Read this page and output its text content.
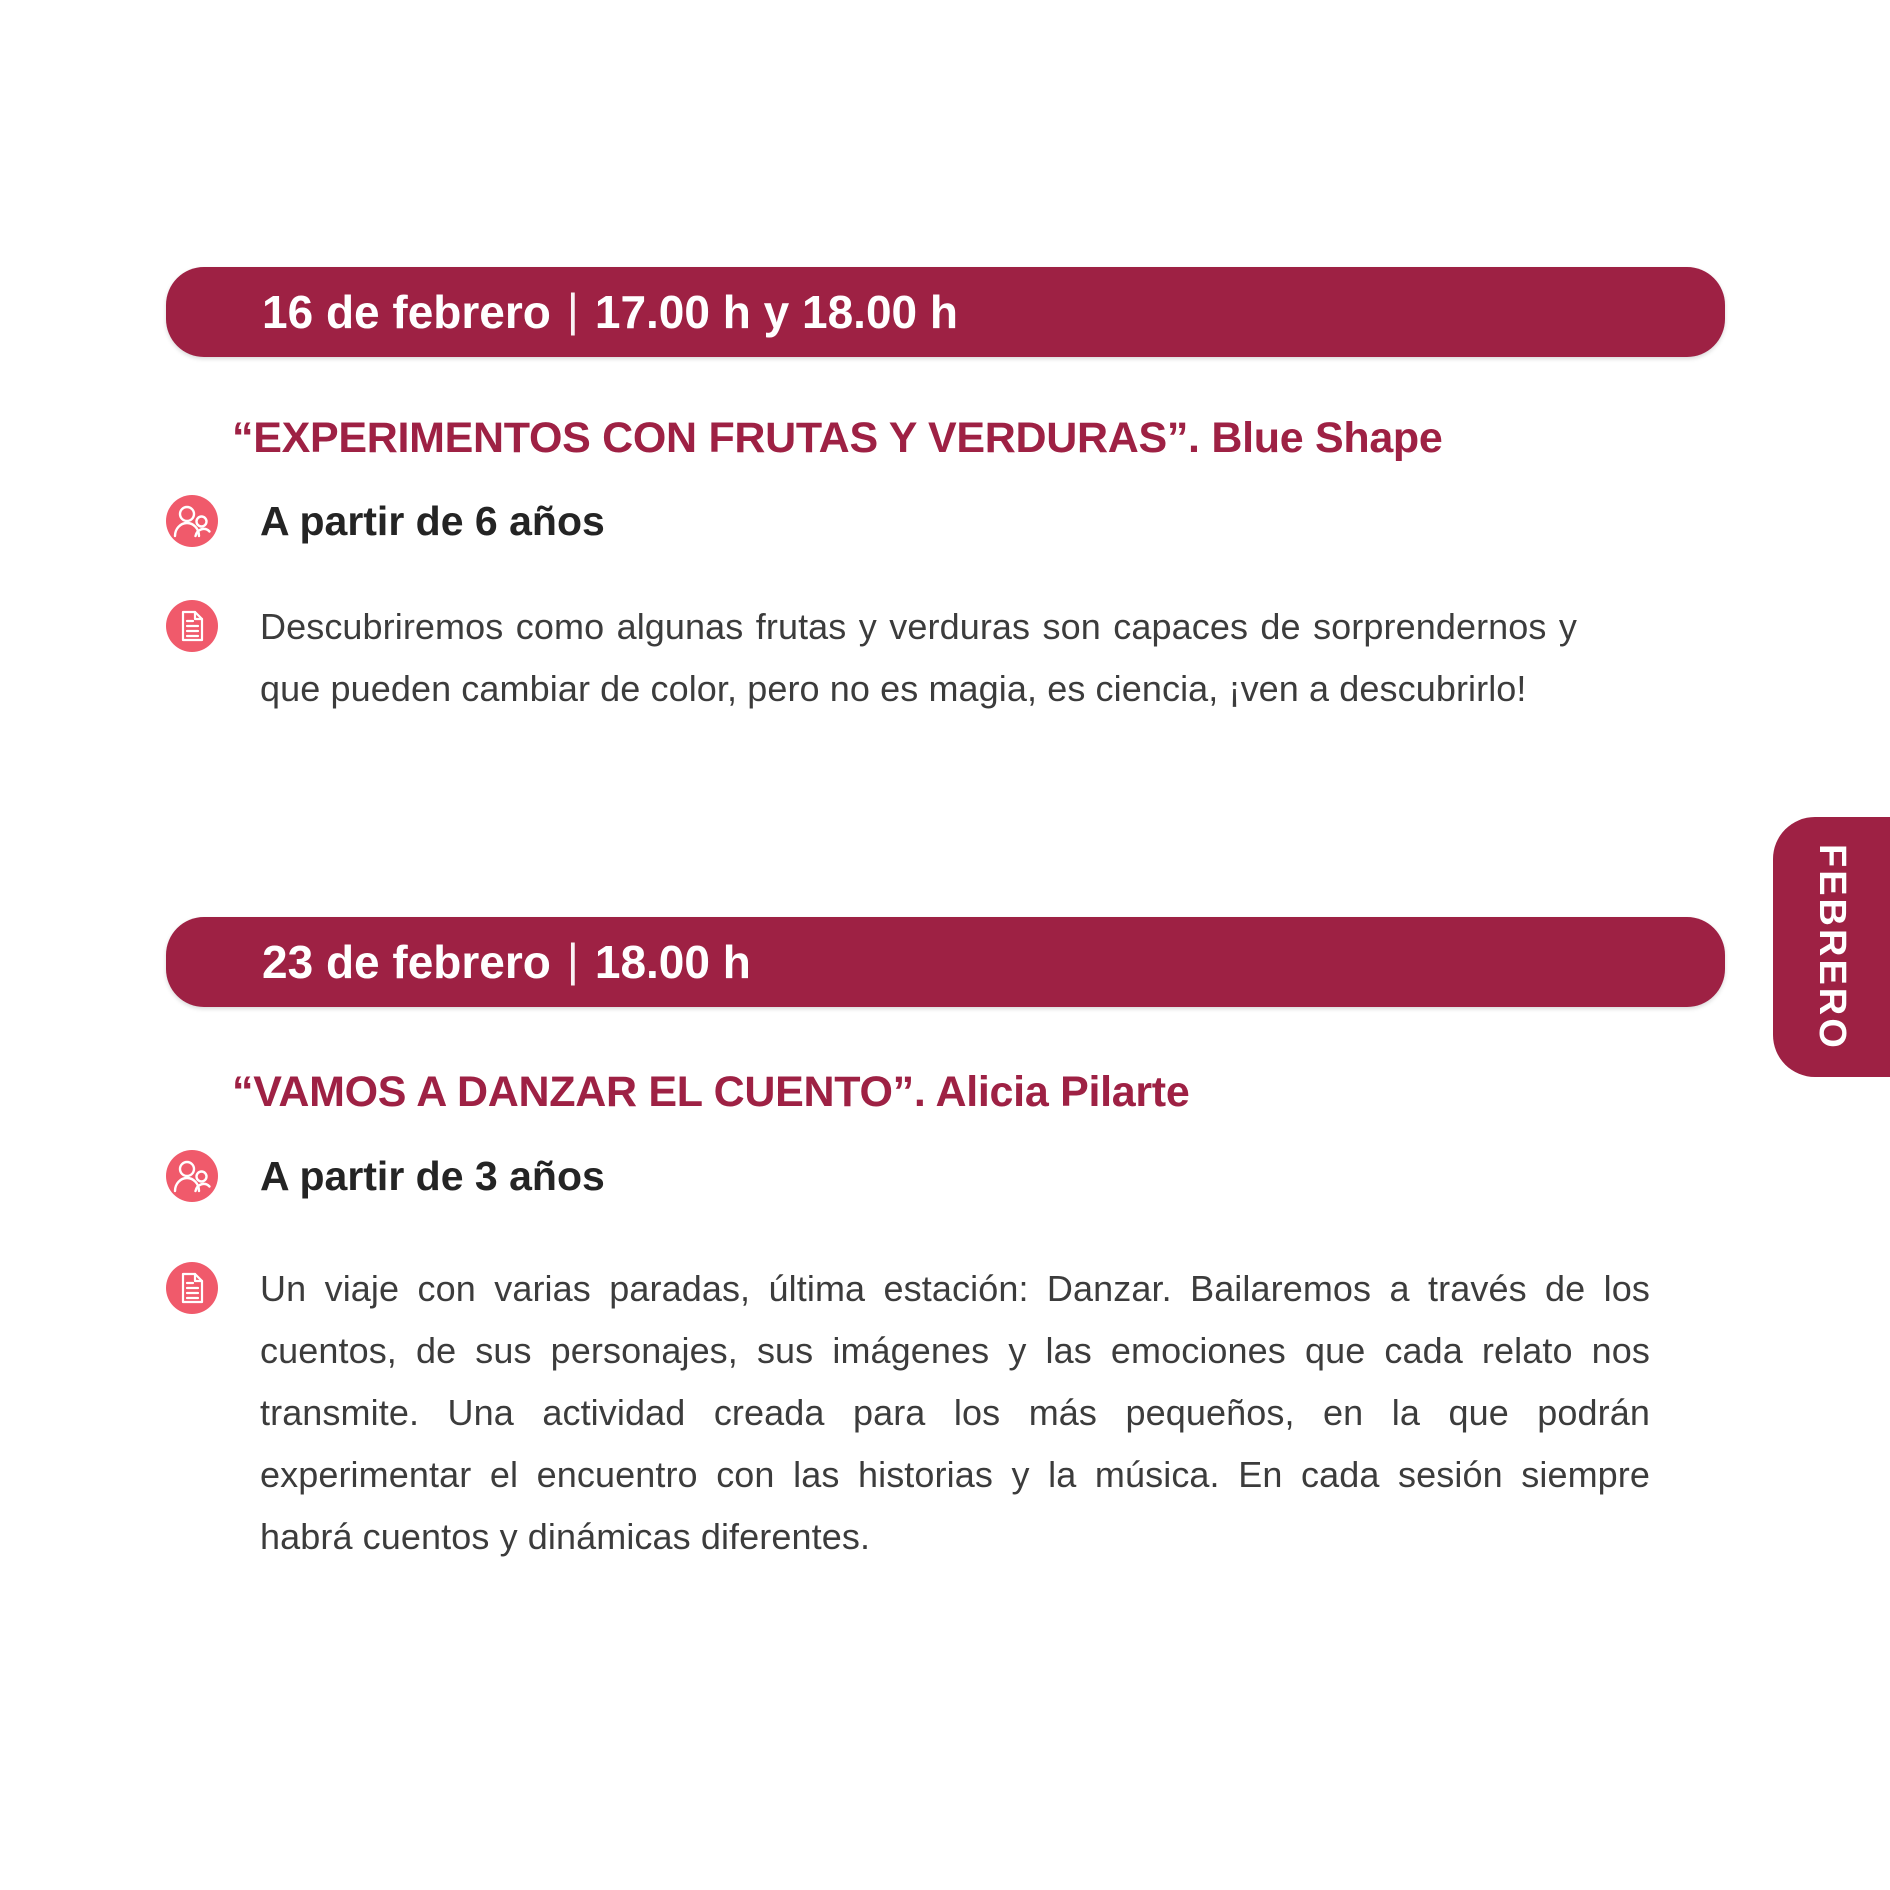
16 de febrero | 17.00 h y 18.00 h
“EXPERIMENTOS CON FRUTAS Y VERDURAS”. Blue Shape
A partir de 6 años
Descubriremos como algunas frutas y verduras son capaces de sorprendernos y que pueden cambiar de color, pero no es magia, es ciencia, ¡ven a descubrirlo!
FEBRERO
23 de febrero | 18.00 h
“VAMOS A DANZAR EL CUENTO”. Alicia Pilarte
A partir de 3 años
Un viaje con varias paradas, última estación: Danzar. Bailaremos a través de los cuentos, de sus personajes, sus imágenes y las emociones que cada relato nos transmite. Una actividad creada para los más pequeños, en la que podrán experimentar el encuentro con las historias y la música. En cada sesión siempre habrá cuentos y dinámicas diferentes.
